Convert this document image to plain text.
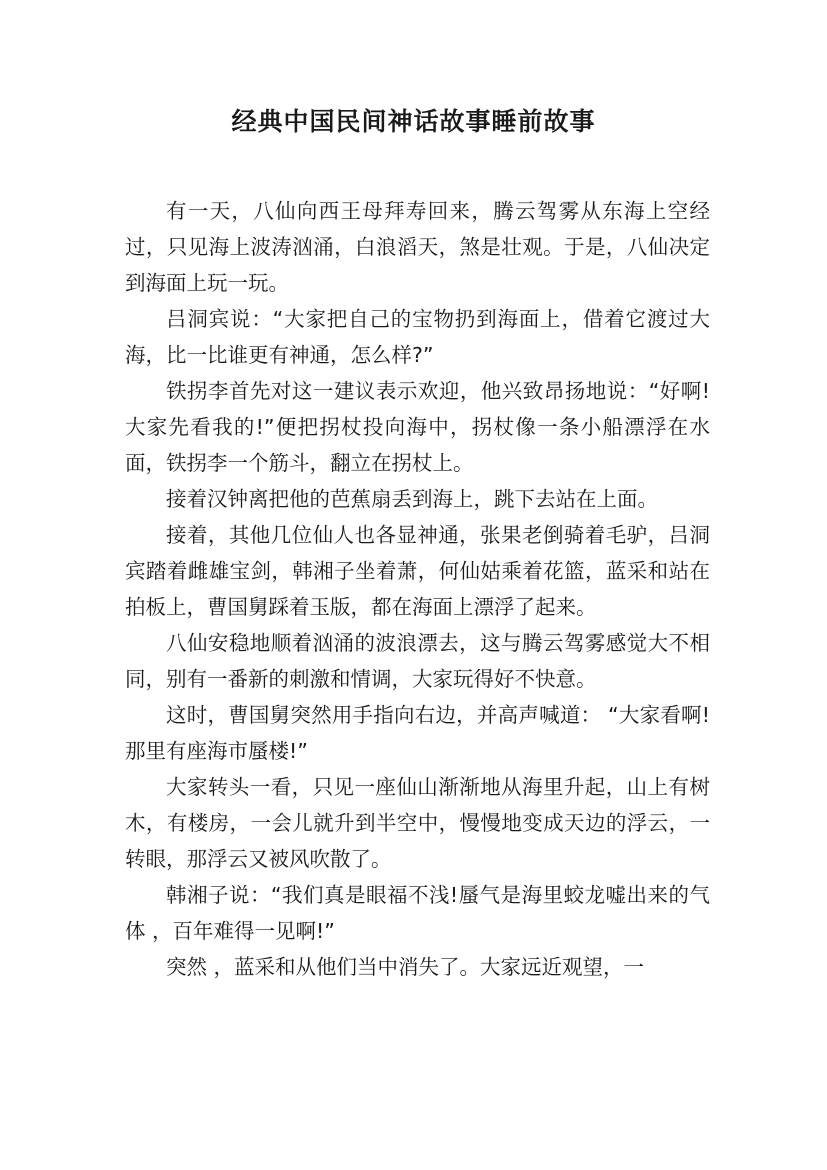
经典中国民间神话故事睡前故事

有一天，八仙向西王母拜寿回来，腾云驾雾从东海上空经过，只见海上波涛汹涌，白浪滔天，煞是壮观。于是，八仙决定到海面上玩一玩。

吕洞宾说：“大家把自己的宝物扔到海面上，借着它渡过大海，比一比谁更有神通，怎么样?”

铁拐李首先对这一建议表示欢迎，他兴致昂扬地说：“好啊!大家先看我的!”便把拐杖投向海中，拐杖像一条小船漂浮在水面，铁拐李一个筋斗，翻立在拐杖上。

接着汉钟离把他的芭蕉扇丢到海上，跳下去站在上面。

接着，其他几位仙人也各显神通，张果老倒骑着毛驴，吕洞宾踏着雌雄宝剑，韩湘子坐着萧，何仙姑乘着花篮，蓝采和站在拍板上，曹国舅踩着玉版，都在海面上漂浮了起来。

八仙安稳地顺着汹涌的波浪漂去，这与腾云驾雾感觉大不相同，别有一番新的刺激和情调，大家玩得好不快意。

这时，曹国舅突然用手指向右边，并高声喊道： “大家看啊!那里有座海市蜃楼!”

大家转头一看，只见一座仙山渐渐地从海里升起，山上有树木，有楼房，一会儿就升到半空中，慢慢地变成天边的浮云，一转眼，那浮云又被风吹散了。

韩湘子说：“我们真是眼福不浅!蜃气是海里蛟龙嘘出来的气体 ，百年难得一见啊!”

突然 ，蓝采和从他们当中消失了。大家远近观望，一
